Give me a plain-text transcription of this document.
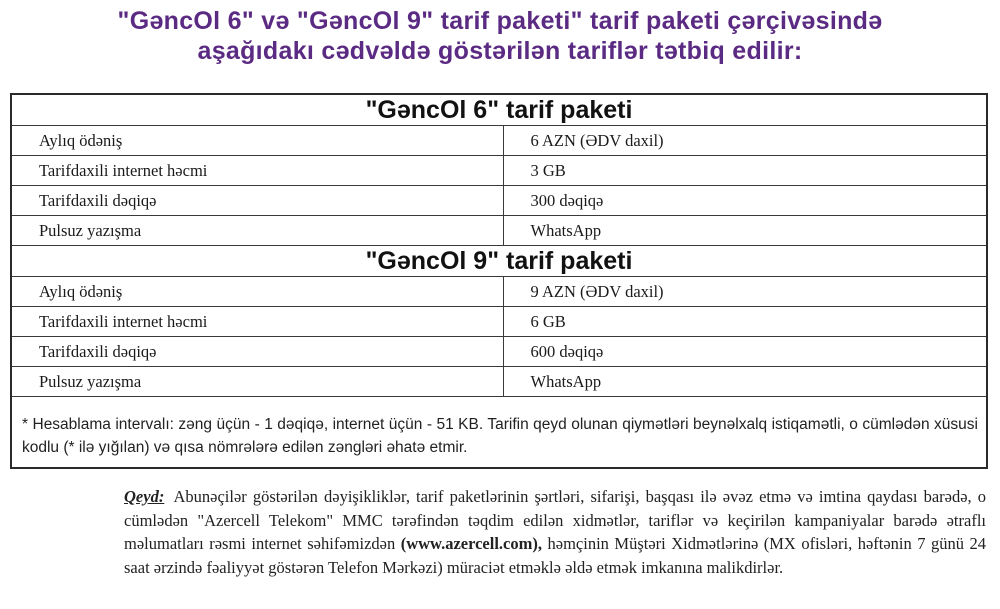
"GəncOl 6" və "GəncOl 9" tarif paketi" tarif paketi çərçivəsində
aşağıdakı cədvəldə göstərilən tariflər tətbiq edilir:
"GəncOl 6" tarif paketi	
Aylıq ödəniş	6 AZN (ƏDV daxil)
Tarifdaxili internet həcmi	3 GB
Tarifdaxili dəqiqə	300 dəqiqə
Pulsuz yazışma	WhatsApp
"GəncOl 9" tarif paketi	
Aylıq ödəniş	9 AZN (ƏDV daxil)
Tarifdaxili internet həcmi	6 GB
Tarifdaxili dəqiqə	600 dəqiqə
Pulsuz yazışma	WhatsApp
* Hesablama intervalı: zəng üçün - 1 dəqiqə, internet üçün - 51 KB. Tarifin qeyd olunan qiymətləri beynəlxalq istiqamətli, o cümlədən xüsusi kodlu (* ilə yığılan) və qısa nömrələrə edilən zəngləri əhatə etmir.
Qeyd: Abunəçilər göstərilən dəyişikliklər, tarif paketlərinin şərtləri, sifarişi, başqası ilə əvəz etmə və imtina qaydası barədə, o cümlədən "Azercell Telekom" MMC tərəfindən təqdim edilən xidmətlər, tariflər və keçirilən kampaniyalar barədə ətraflı məlumatları rəsmi internet səhifəmizdən (www.azercell.com), həmçinin Müştəri Xidmətlərinə (MX ofisləri, həftənin 7 günü 24 saat ərzində fəaliyyət göstərən Telefon Mərkəzi) müraciət etməklə əldə etmək imkanına malikdirlər.
